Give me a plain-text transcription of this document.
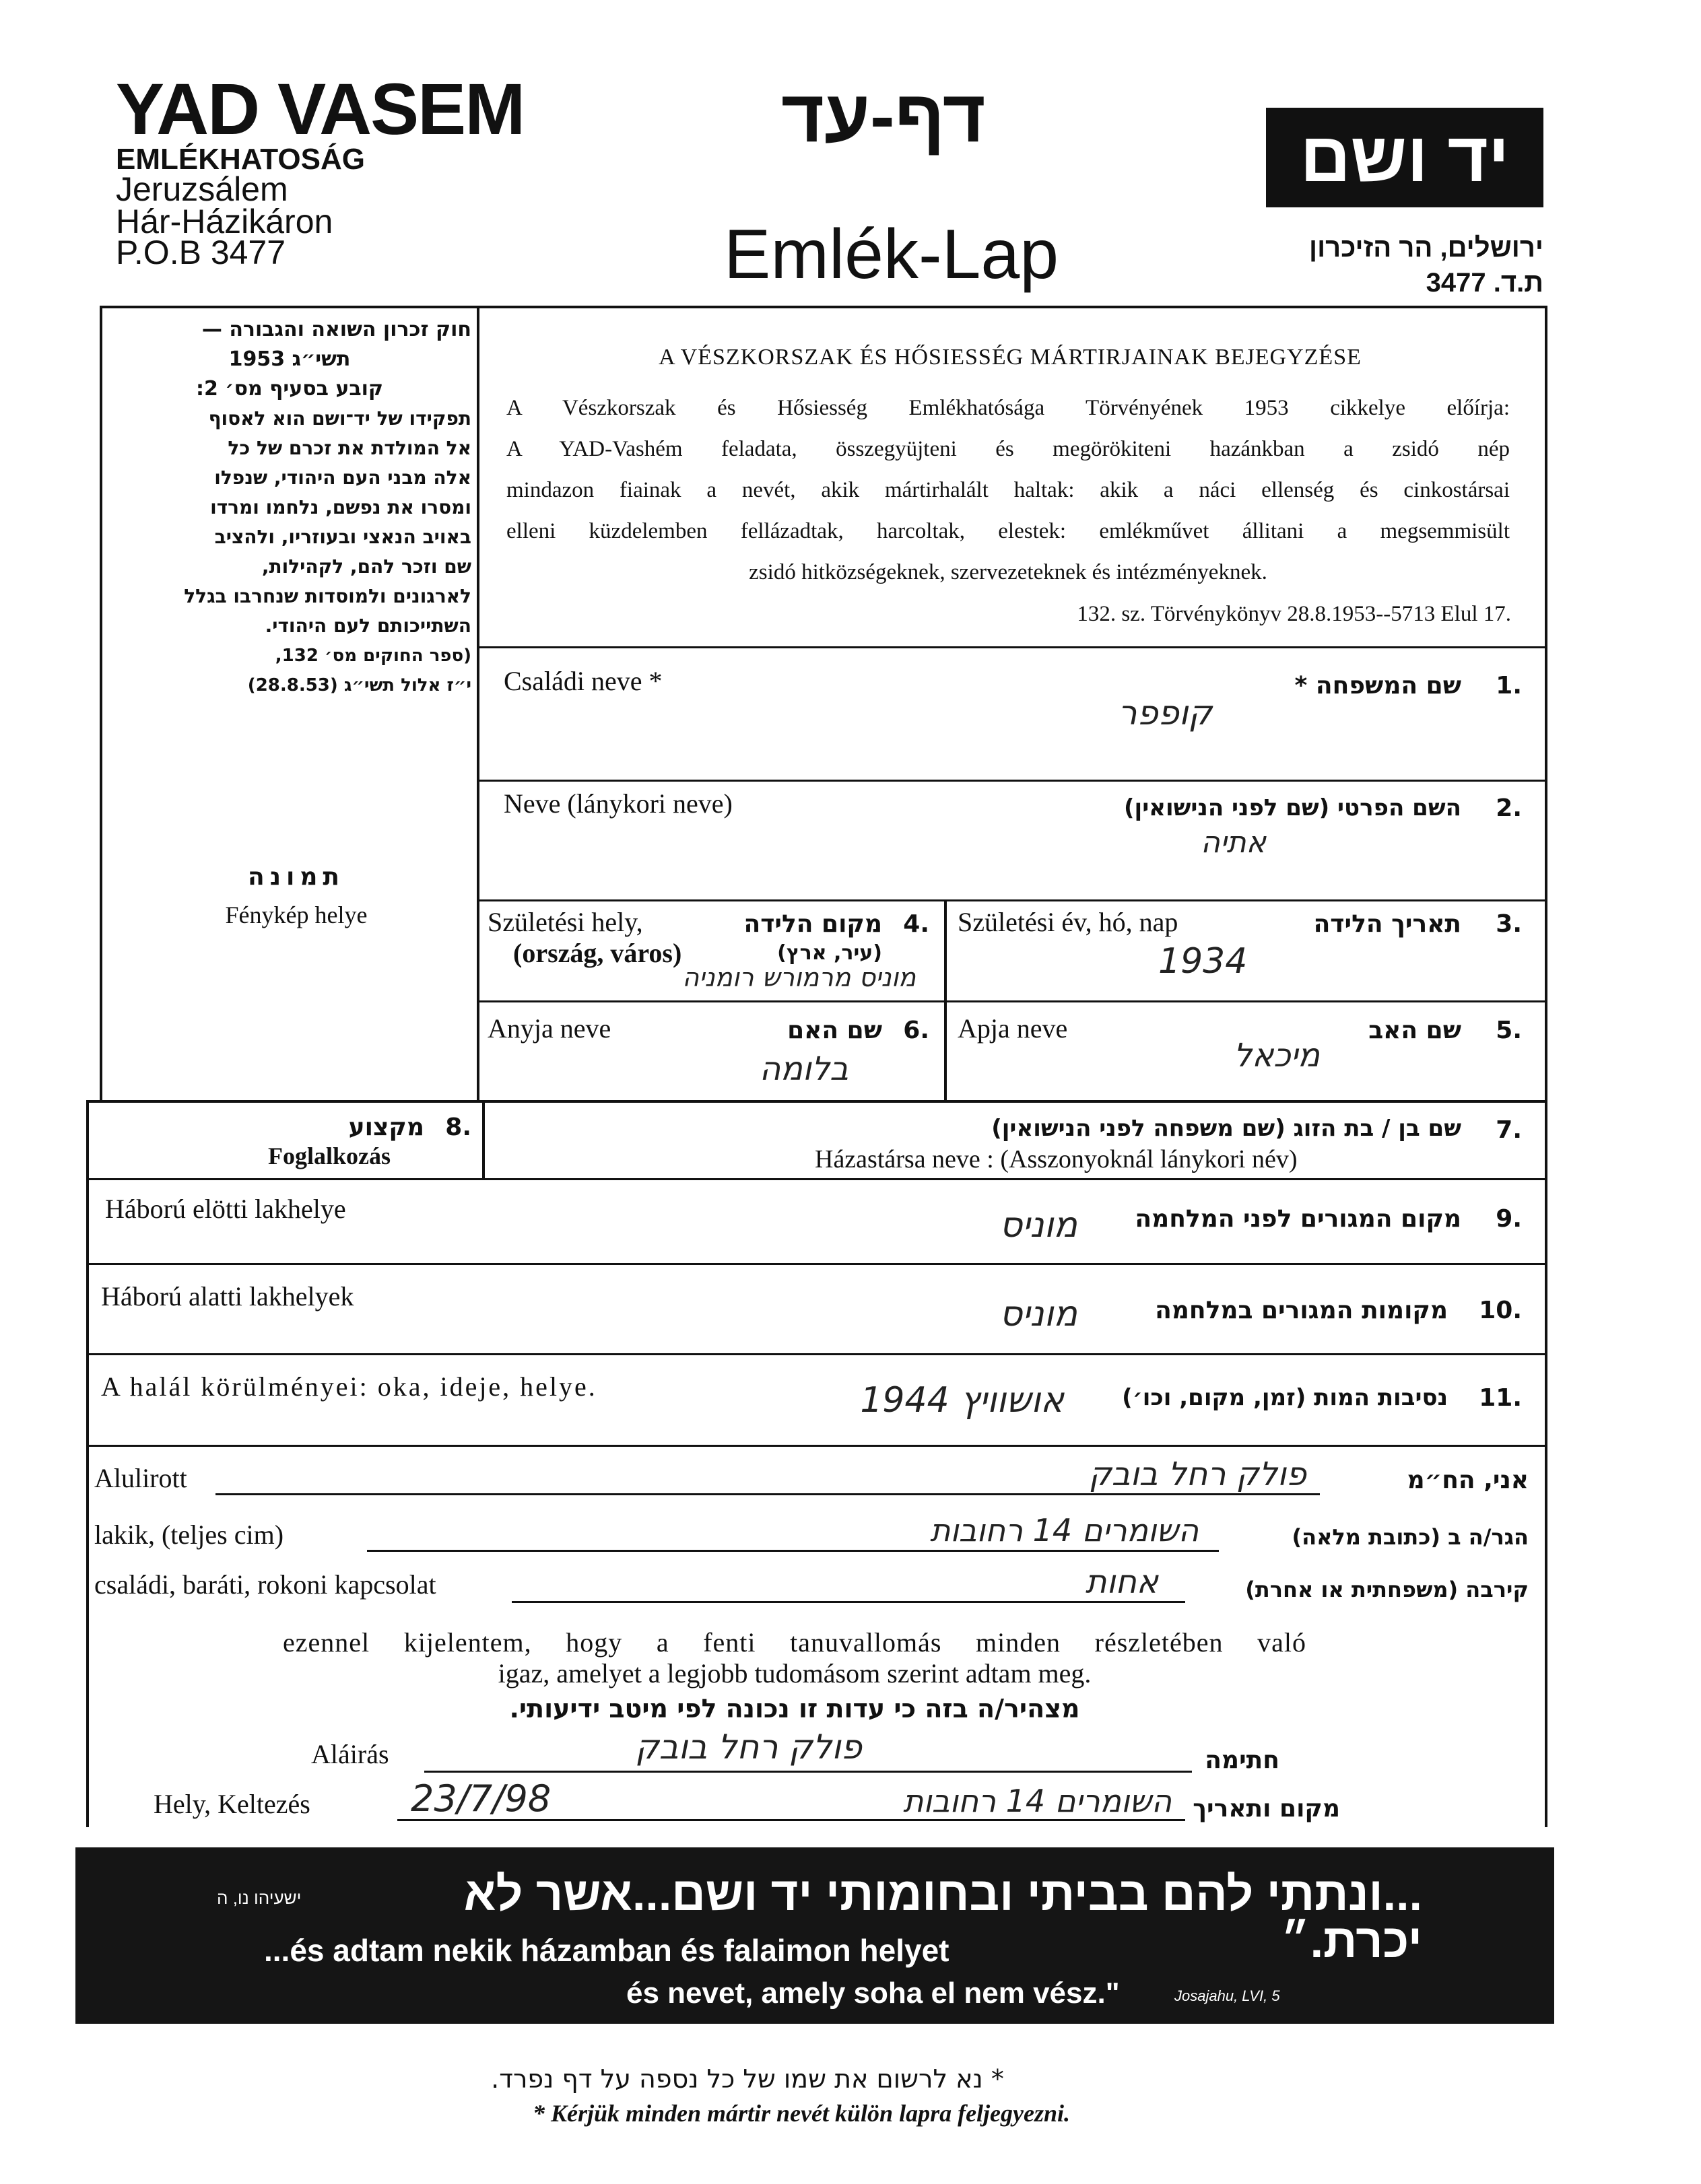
YAD VASEM
EMLÉKHATOSÁG
Jeruzsálem
Hár-Házikáron
P.O.B 3477
דף-עד
Emlék-Lap
יד ושם
ירושלים, הר הזיכרון
ת.ד. 3477
חוק זכרון השואה והגבורה —
תשי״ג 1953
קובע בסעיף מס׳ 2:
תפקידו של יד־ושם הוא לאסוף
אל המולדת את זכרם של כל
אלה מבני העם היהודי, שנפלו
ומסרו את נפשם, נלחמו ומרדו
באויב הנאצי ובעוזריו, ולהציב
שם וזכר להם, לקהילות,
לארגונים ולמוסדות שנחרבו בגלל
השתייכותם לעם היהודי.
(ספר החוקים מס׳ 132,
י״ז אלול תשי״ג (28.8.53)
תמונה
Fénykép helye
A VÉSZKORSZAK ÉS HŐSIESSÉG MÁRTIRJAINAK BEJEGYZÉSE
A Vészkorszak és Hősiesség Emlékhatósága Törvényének 1953 cikkelye előírja:
A YAD-Vashém feladata, összegyüjteni és megörökiteni hazánkban a zsidó nép
mindazon fiainak a nevét, akik mártirhalált haltak: akik a náci ellenség és cinkostársai
elleni küzdelemben fellázadtak, harcoltak, elestek: emlékművet állitani a megsemmisült
zsidó hitközségeknek, szervezeteknek és intézményeknek.
132. sz. Törvénykönyv 28.8.1953--5713 Elul 17.
Családi neve *	שם המשפחה *	.1
קופפר
Neve (lánykori neve)	השם הפרטי (שם לפני הנישואין)	.2
אתיה
Születési hely,
(ország, város)
מקום הלידה
(עיר, ארץ)
.4
מוניס מרמורש רומניה
Születési év, hó, nap	תאריך הלידה	.3
1934
Anyja neve	שם האם .6
בלומה
Apja neve	שם האב	.5
מיכאל
מקצוע .8
Foglalkozás
שם בן / בת הזוג (שם משפחה לפני הנישואין)	.7
Házastársa neve : (Asszonyoknál lánykori név)
Háború elötti lakhelye	מקום המגורים לפני המלחמה	.9
מוניס
Háború alatti lakhelyek	מקומות המגורים במלחמה	.10
מוניס
A halál körülményei: oka, ideje, helye.	נסיבות המות (זמן, מקום, וכו׳)	.11
אושוויץ 1944
Alulirott	פולק רחל בובק	אני, הח״מ
lakik, (teljes cim)	השומרים 14 רחובות	הגר/ה ב (כתובת מלאה)
családi, baráti, rokoni kapcsolat	אחות	קירבה (משפחתית או אחרת)
ezennel kijelentem, hogy a fenti tanuvallomás minden részletében való
igaz, amelyet a legjobb tudomásom szerint adtam meg.
מצהיר/ה בזה כי עדות זו נכונה לפי מיטב ידיעותי.
Aláirás	פולק רחל בובק	חתימה
Hely, Keltezés	23/7/98	השומרים 14 רחובות מקום ותאריך
ישעיהו נו, ה	...ונתתי להם בביתי ובחומותי יד ושם...אשר לא יכרת.״
...és adtam nekik házamban és falaimon helyet
és nevet, amely soha el nem vész."	Josajahu, LVI, 5
* נא לרשום את שמו של כל נספה על דף נפרד.
* Kérjük minden mártir nevét külön lapra feljegyezni.
